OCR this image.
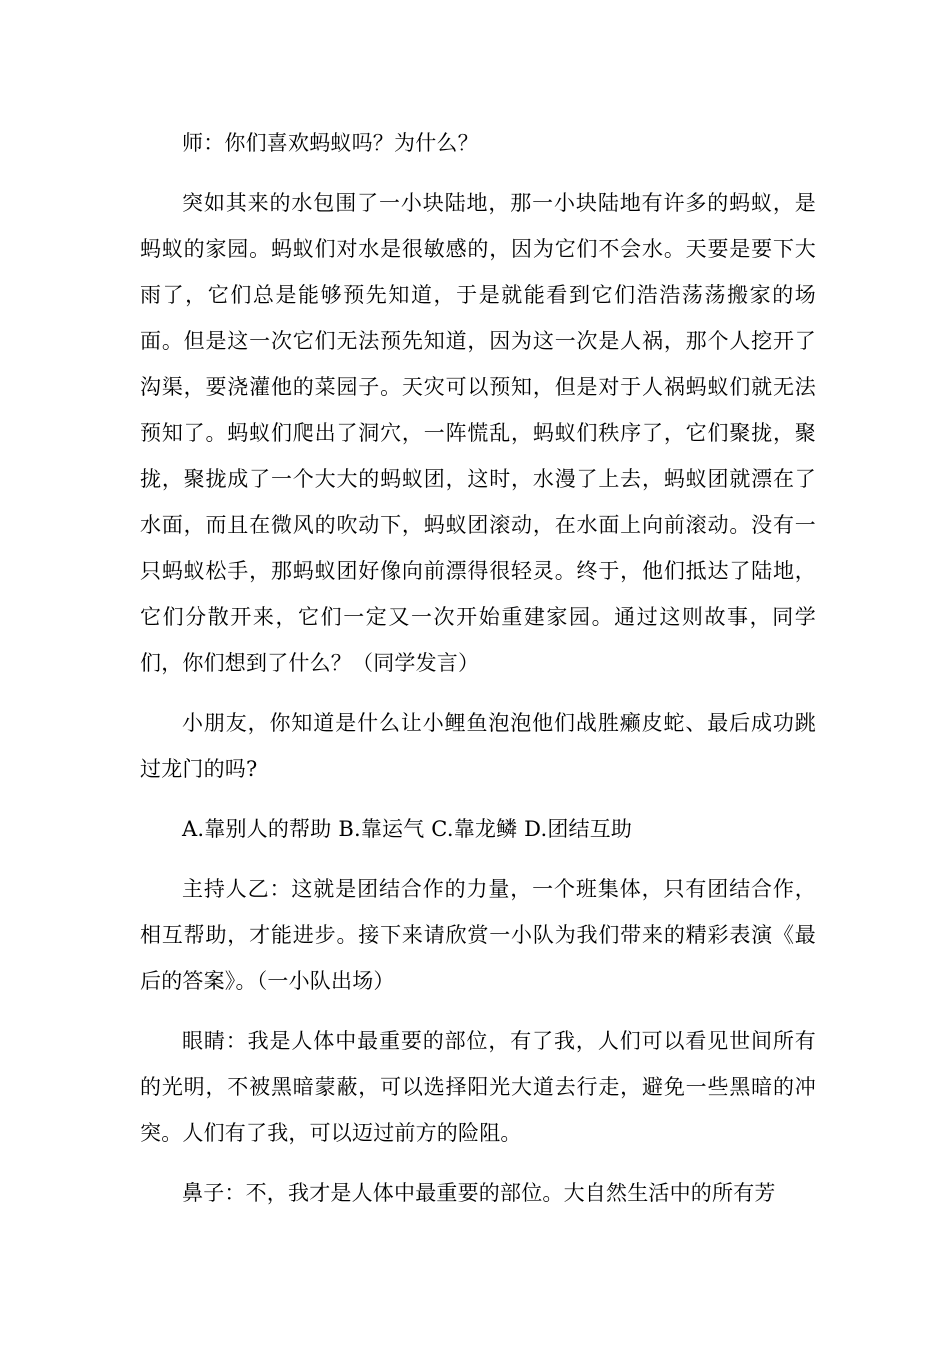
师：你们喜欢蚂蚁吗？为什么？

突如其来的水包围了一小块陆地，那一小块陆地有许多的蚂蚁，是蚂蚁的家园。蚂蚁们对水是很敏感的，因为它们不会水。天要是要下大雨了，它们总是能够预先知道，于是就能看到它们浩浩荡荡搬家的场面。但是这一次它们无法预先知道，因为这一次是人祸，那个人挖开了沟渠，要浇灌他的菜园子。天灾可以预知，但是对于人祸蚂蚁们就无法预知了。蚂蚁们爬出了洞穴，一阵慌乱，蚂蚁们秩序了，它们聚拢，聚拢，聚拢成了一个大大的蚂蚁团，这时，水漫了上去，蚂蚁团就漂在了水面，而且在微风的吹动下，蚂蚁团滚动，在水面上向前滚动。没有一只蚂蚁松手，那蚂蚁团好像向前漂得很轻灵。终于，他们抵达了陆地，它们分散开来，它们一定又一次开始重建家园。通过这则故事，同学们，你们想到了什么？（同学发言）

小朋友，你知道是什么让小鲤鱼泡泡他们战胜癞皮蛇、最后成功跳过龙门的吗?

A.靠别人的帮助 B.靠运气 C.靠龙鳞 D.团结互助

主持人乙：这就是团结合作的力量，一个班集体，只有团结合作，相互帮助，才能进步。接下来请欣赏一小队为我们带来的精彩表演《最后的答案》。（一小队出场）

眼睛：我是人体中最重要的部位，有了我，人们可以看见世间所有的光明，不被黑暗蒙蔽，可以选择阳光大道去行走，避免一些黑暗的冲突。人们有了我，可以迈过前方的险阻。

鼻子：不，我才是人体中最重要的部位。大自然生活中的所有芳
